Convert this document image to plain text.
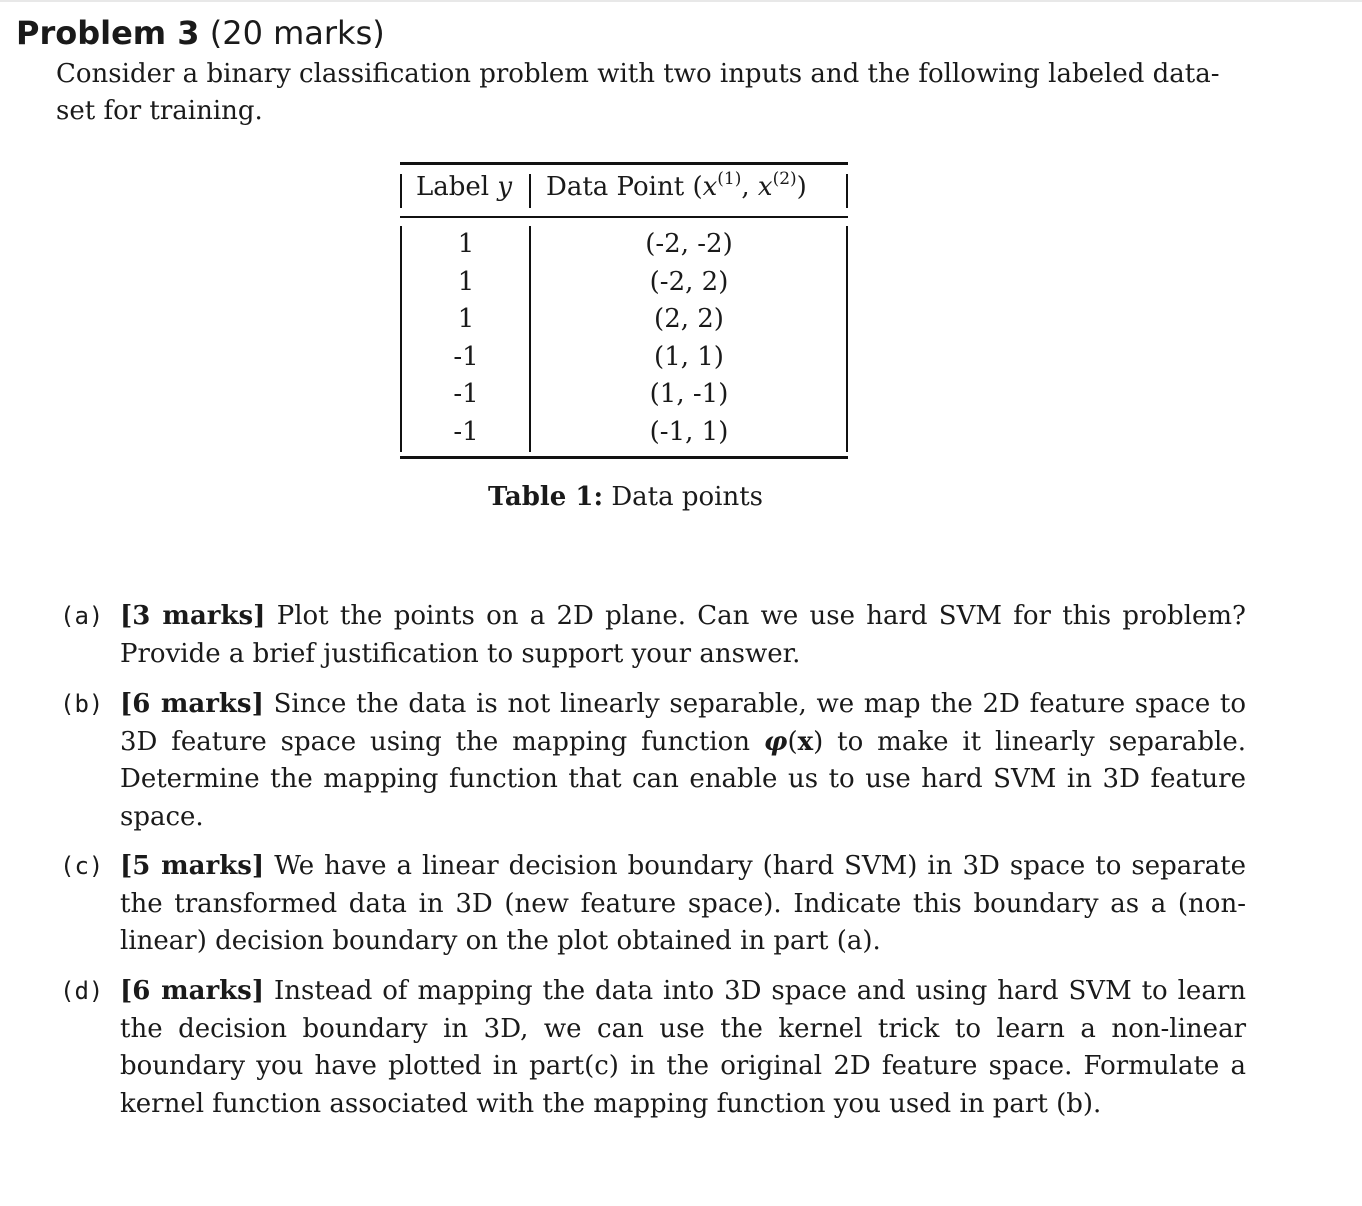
Problem 3 (20 marks)
Consider a binary classification problem with two inputs and the following labeled data-set for training.
Label y Data Point ($x^{(1)}$, $x^{(2)}$)
1
1
1
-1
-1
-1
(-2, -2)
(-2, 2)
(2, 2)
(1, 1)
(1, -1)
(-1, 1)
Table 1: Data points
(a) [3 marks] Plot the points on a 2D plane. Can we use hard SVM for this problem? Provide a brief justification to support your answer.
(b) [6 marks] Since the data is not linearly separable, we map the 2D feature space to 3D feature space using the mapping function φ(x) to make it linearly separable. Determine the mapping function that can enable us to use hard SVM in 3D feature space.
(c) [5 marks] We have a linear decision boundary (hard SVM) in 3D space to separate the transformed data in 3D (new feature space). Indicate this boundary as a (non-linear) decision boundary on the plot obtained in part (a).
(d) [6 marks] Instead of mapping the data into 3D space and using hard SVM to learn the decision boundary in 3D, we can use the kernel trick to learn a non-linear boundary you have plotted in part(c) in the original 2D feature space. Formulate a kernel function associated with the mapping function you used in part (b).
